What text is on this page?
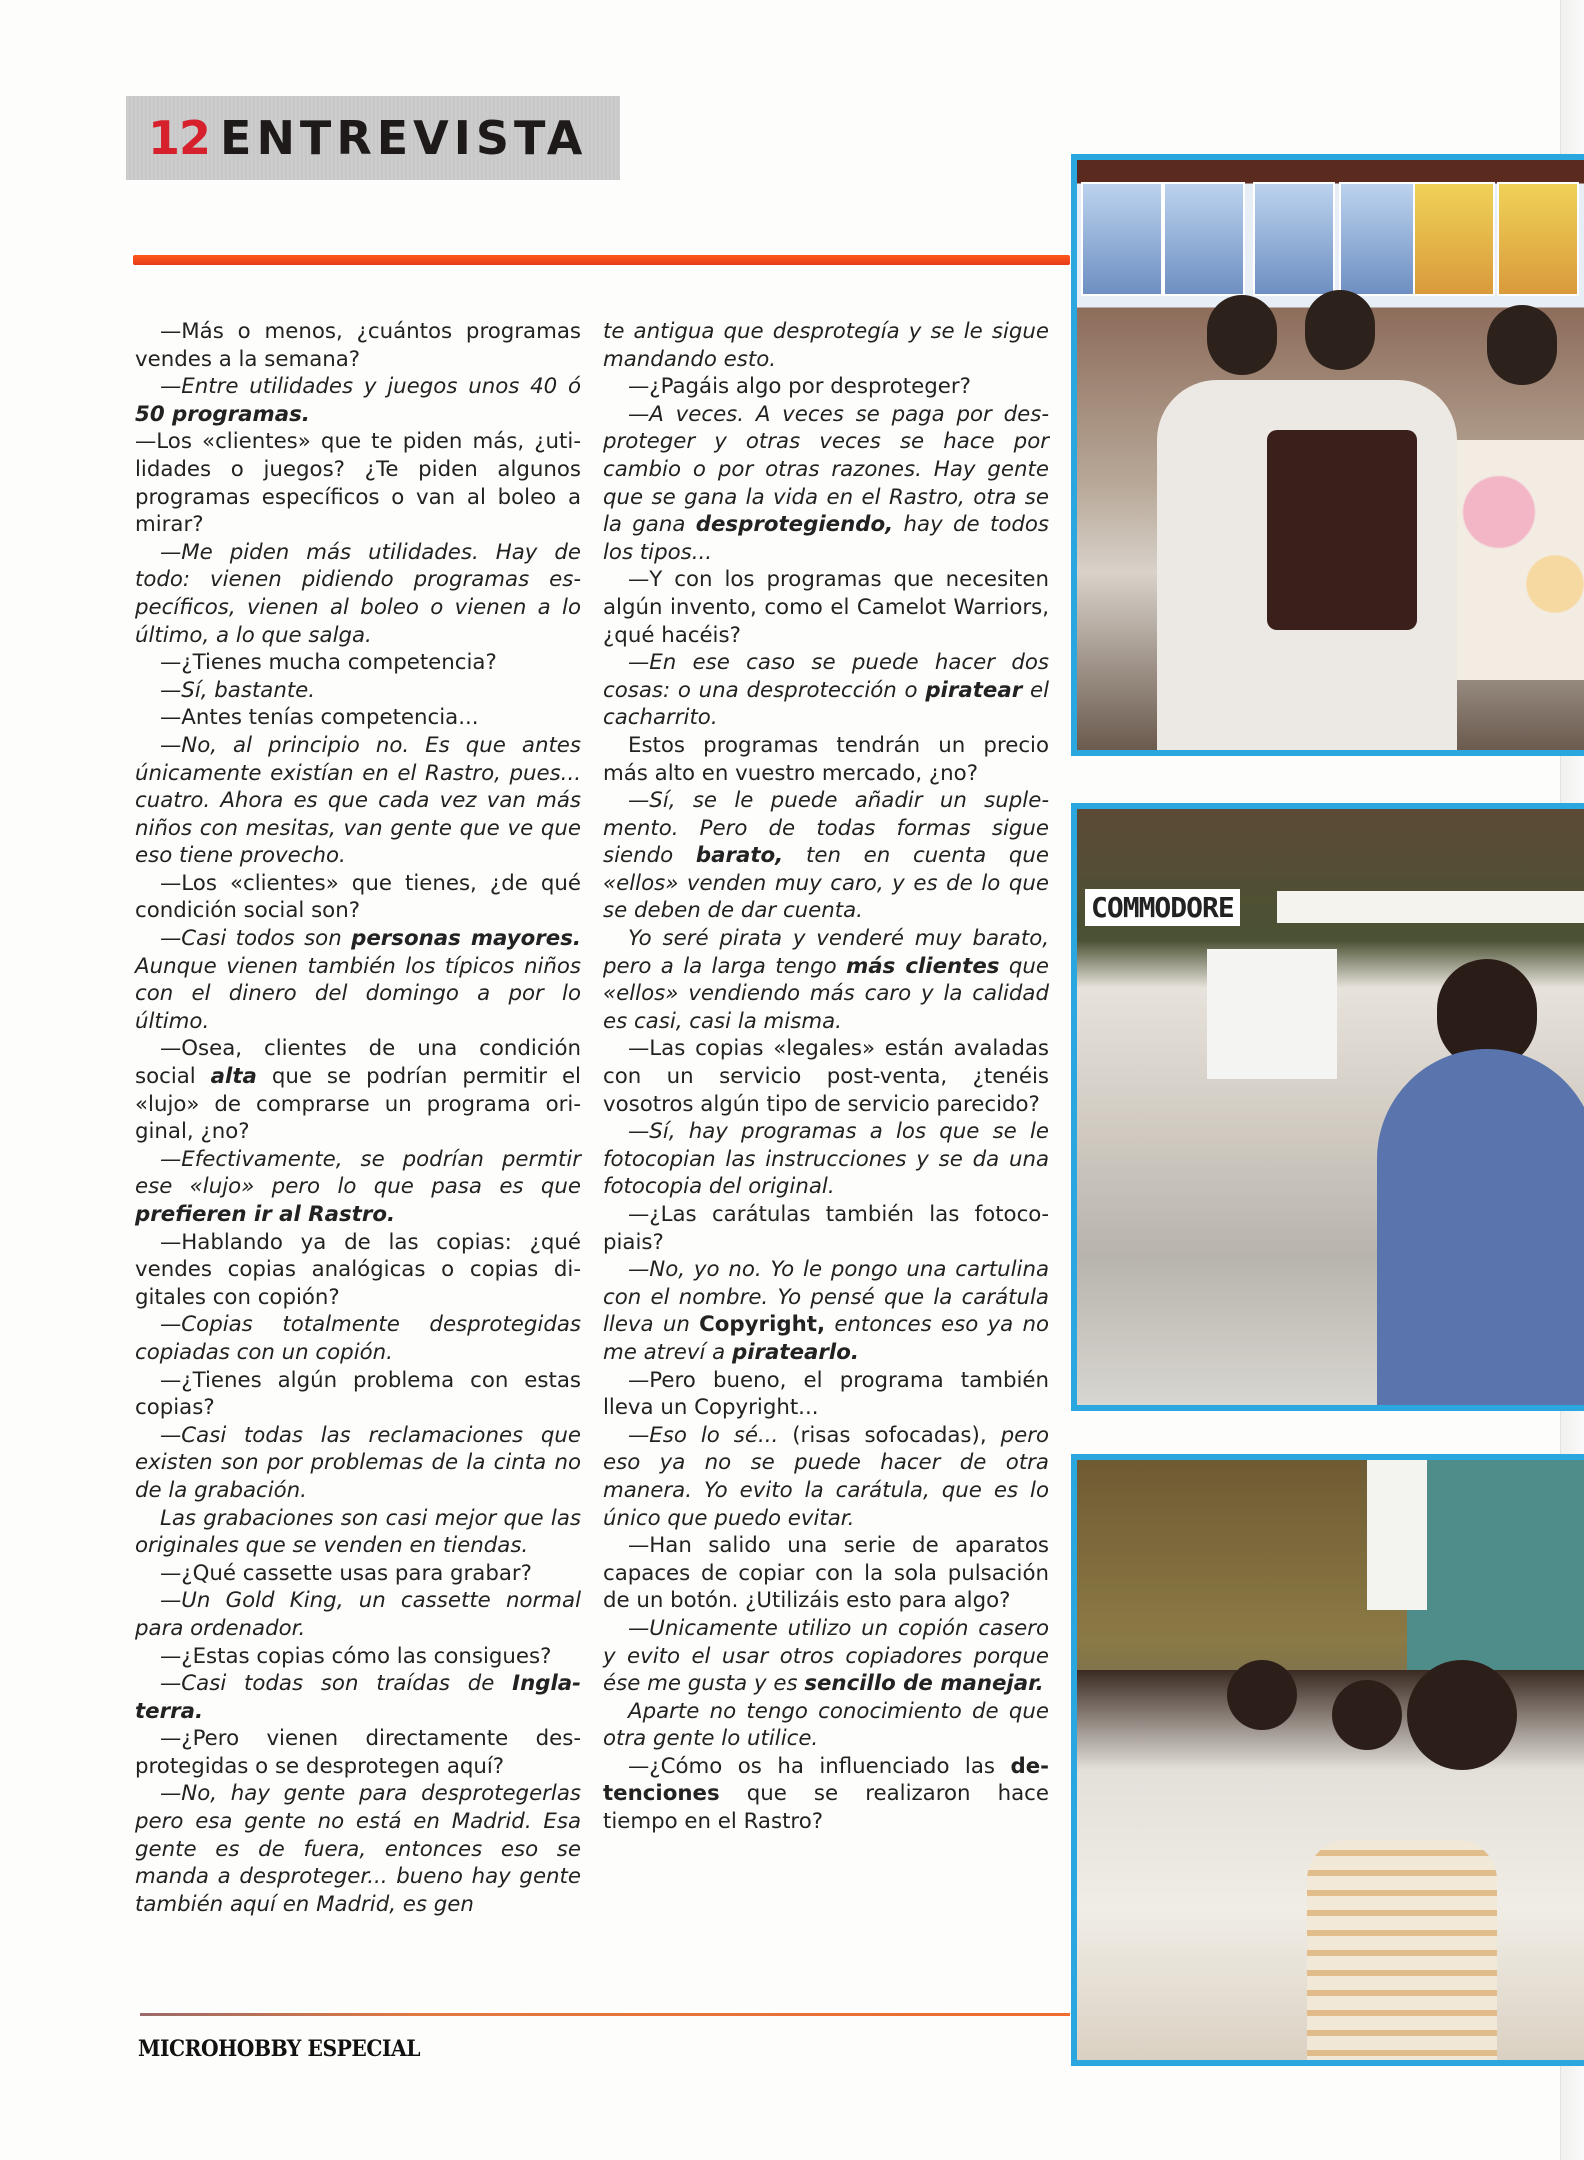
12 ENTREVISTA

—Más o menos, ¿cuántos programas vendes a la semana?

—Entre utilidades y juegos unos 40 ó 50 programas.

—Los «clientes» que te piden más, ¿utilidades o juegos? ¿Te piden algunos programas específicos o van al boleo a mirar?

—Me piden más utilidades. Hay de todo: vienen pidiendo programas específicos, vienen al boleo o vienen a lo último, a lo que salga.

—¿Tienes mucha competencia?

—Sí, bastante.

—Antes tenías competencia...

—No, al principio no. Es que antes únicamente existían en el Rastro, pues... cuatro. Ahora es que cada vez van más niños con mesitas, van gente que ve que eso tiene provecho.

—Los «clientes» que tienes, ¿de qué condición social son?

—Casi todos son personas mayores. Aunque vienen también los típicos niños con el dinero del domingo a por lo último.

—Osea, clientes de una condición social alta que se podrían permitir el «lujo» de comprarse un programa original, ¿no?

—Efectivamente, se podrían permtir ese «lujo» pero lo que pasa es que prefieren ir al Rastro.

—Hablando ya de las copias: ¿qué vendes copias analógicas o copias digitales con copión?

—Copias totalmente desprotegidas copiadas con un copión.

—¿Tienes algún problema con estas copias?

—Casi todas las reclamaciones que existen son por problemas de la cinta no de la grabación.

Las grabaciones son casi mejor que las originales que se venden en tiendas.

—¿Qué cassette usas para grabar?

—Un Gold King, un cassette normal para ordenador.

—¿Estas copias cómo las consigues?

—Casi todas son traídas de Inglaterra.

—¿Pero vienen directamente desprotegidas o se desprotegen aquí?

—No, hay gente para desprotegerlas pero esa gente no está en Madrid. Esa gente es de fuera, entonces eso se manda a desproteger... bueno hay gente también aquí en Madrid, es gen

te antigua que desprotegía y se le sigue mandando esto.

—¿Pagáis algo por desproteger?

—A veces. A veces se paga por desproteger y otras veces se hace por cambio o por otras razones. Hay gente que se gana la vida en el Rastro, otra se la gana desprotegiendo, hay de todos los tipos...

—Y con los programas que necesiten algún invento, como el Camelot Warriors, ¿qué hacéis?

—En ese caso se puede hacer dos cosas: o una desprotección o piratear el cacharrito.

Estos programas tendrán un precio más alto en vuestro mercado, ¿no?

—Sí, se le puede añadir un suplemento. Pero de todas formas sigue siendo barato, ten en cuenta que «ellos» venden muy caro, y es de lo que se deben de dar cuenta.

Yo seré pirata y venderé muy barato, pero a la larga tengo más clientes que «ellos» vendiendo más caro y la calidad es casi, casi la misma.

—Las copias «legales» están avaladas con un servicio post-venta, ¿tenéis vosotros algún tipo de servicio parecido?

—Sí, hay programas a los que se le fotocopian las instrucciones y se da una fotocopia del original.

—¿Las carátulas también las fotocopiais?

—No, yo no. Yo le pongo una cartulina con el nombre. Yo pensé que la carátula lleva un Copyright, entonces eso ya no me atreví a piratearlo.

—Pero bueno, el programa también lleva un Copyright...

—Eso lo sé... (risas sofocadas), pero eso ya no se puede hacer de otra manera. Yo evito la carátula, que es lo único que puedo evitar.

—Han salido una serie de aparatos capaces de copiar con la sola pulsación de un botón. ¿Utilizáis esto para algo?

—Unicamente utilizo un copión casero y evito el usar otros copiadores porque ése me gusta y es sencillo de manejar.

Aparte no tengo conocimiento de que otra gente lo utilice.

—¿Cómo os ha influenciado las detenciones que se realizaron hace tiempo en el Rastro?

COMMODORE
MICROHOBBY ESPECIAL
